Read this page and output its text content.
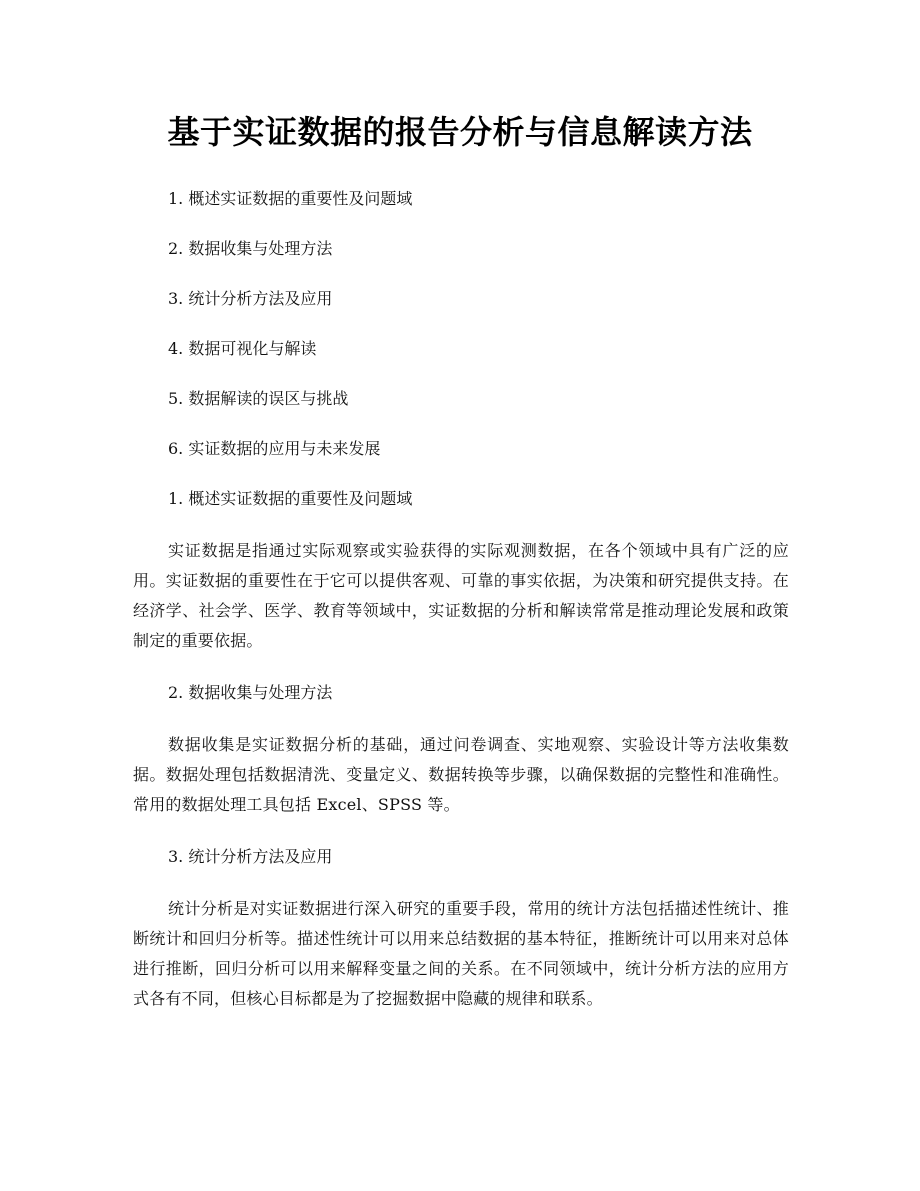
基于实证数据的报告分析与信息解读方法
1. 概述实证数据的重要性及问题域
2. 数据收集与处理方法
3. 统计分析方法及应用
4. 数据可视化与解读
5. 数据解读的误区与挑战
6. 实证数据的应用与未来发展
1. 概述实证数据的重要性及问题域

实证数据是指通过实际观察或实验获得的实际观测数据，在各个领域中具有广泛的应用。实证数据的重要性在于它可以提供客观、可靠的事实依据，为决策和研究提供支持。在经济学、社会学、医学、教育等领域中，实证数据的分析和解读常常是推动理论发展和政策制定的重要依据。

2. 数据收集与处理方法

数据收集是实证数据分析的基础，通过问卷调查、实地观察、实验设计等方法收集数据。数据处理包括数据清洗、变量定义、数据转换等步骤，以确保数据的完整性和准确性。常用的数据处理工具包括 Excel、SPSS 等。

3. 统计分析方法及应用

统计分析是对实证数据进行深入研究的重要手段，常用的统计方法包括描述性统计、推断统计和回归分析等。描述性统计可以用来总结数据的基本特征，推断统计可以用来对总体进行推断，回归分析可以用来解释变量之间的关系。在不同领域中，统计分析方法的应用方式各有不同，但核心目标都是为了挖掘数据中隐藏的规律和联系。
